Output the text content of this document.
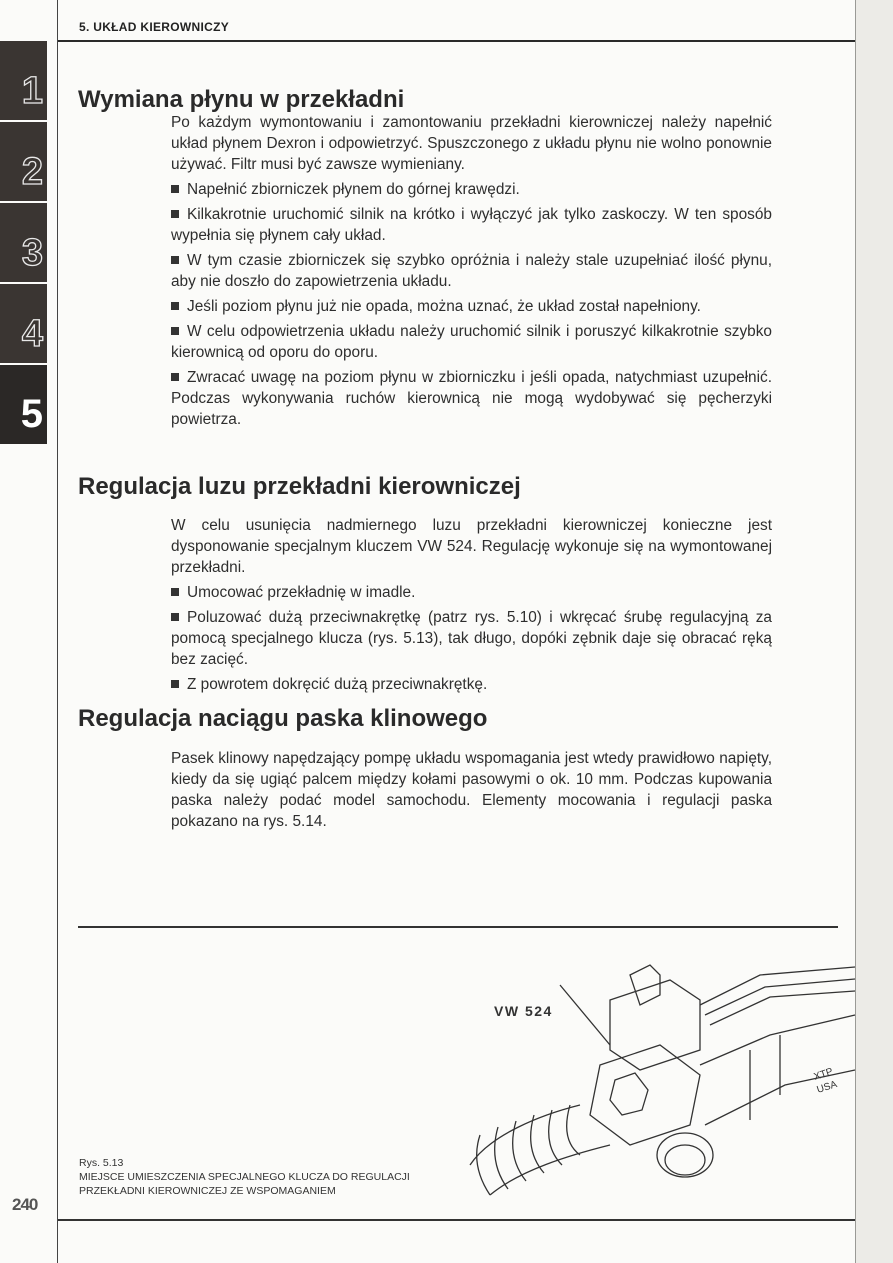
5. UKŁAD KIEROWNICZY
1
2
3
4
5
Wymiana płynu w przekładni

Po każdym wymontowaniu i zamontowaniu przekładni kierowniczej należy napełnić układ płynem Dexron i odpowietrzyć. Spuszczonego z układu płynu nie wolno ponownie używać. Filtr musi być zawsze wymieniany.

Napełnić zbiorniczek płynem do górnej krawędzi.

Kilkakrotnie uruchomić silnik na krótko i wyłączyć jak tylko zaskoczy. W ten sposób wypełnia się płynem cały układ.

W tym czasie zbiorniczek się szybko opróżnia i należy stale uzupełniać ilość płynu, aby nie doszło do zapowietrzenia układu.

Jeśli poziom płynu już nie opada, można uznać, że układ został napełniony.

W celu odpowietrzenia układu należy uruchomić silnik i poruszyć kilkakrotnie szybko kierownicą od oporu do oporu.

Zwracać uwagę na poziom płynu w zbiorniczku i jeśli opada, natychmiast uzupełnić. Podczas wykonywania ruchów kierownicą nie mogą wydobywać się pęcherzyki powietrza.

Regulacja luzu przekładni kierowniczej

W celu usunięcia nadmiernego luzu przekładni kierowniczej konieczne jest dysponowanie specjalnym kluczem VW 524. Regulację wykonuje się na wymontowanej przekładni.

Umocować przekładnię w imadle.

Poluzować dużą przeciwnakrętkę (patrz rys. 5.10) i wkręcać śrubę regulacyjną za pomocą specjalnego klucza (rys. 5.13), tak długo, dopóki zębnik daje się obracać ręką bez zacięć.

Z powrotem dokręcić dużą przeciwnakrętkę.

Regulacja naciągu paska klinowego

Pasek klinowy napędzający pompę układu wspomagania jest wtedy prawidłowo napięty, kiedy da się ugiąć palcem między kołami pasowymi o ok. 10 mm. Podczas kupowania paska należy podać model samochodu. Elementy mocowania i regulacji paska pokazano na rys. 5.14.

XTP
USA
VW 524
Rys. 5.13
MIEJSCE UMIESZCZENIA SPECJALNEGO KLUCZA DO REGULACJI
PRZEKŁADNI KIEROWNICZEJ ZE WSPOMAGANIEM
240
